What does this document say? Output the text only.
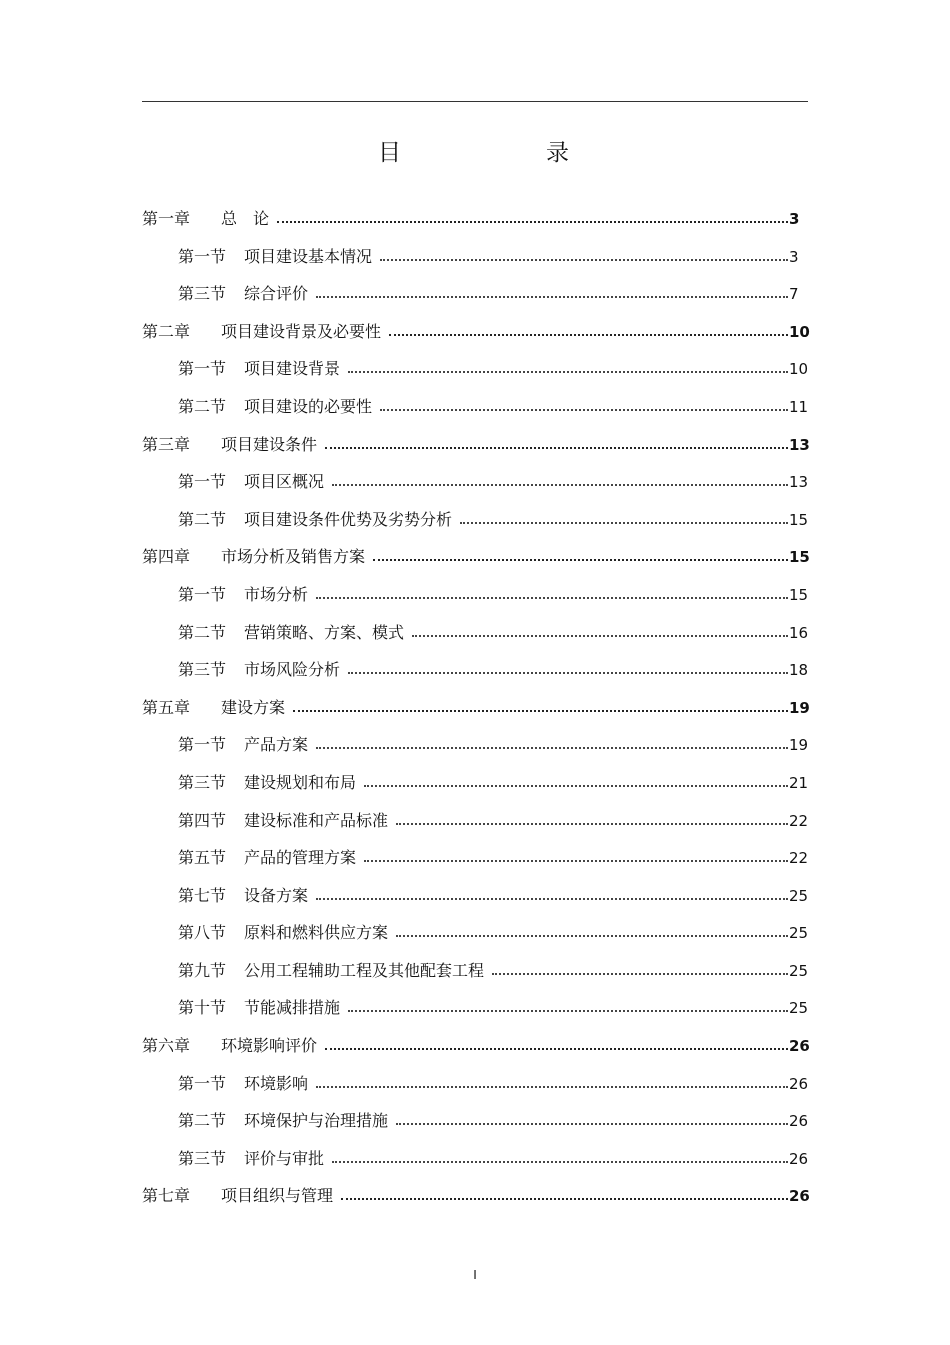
目	录
第一章 总　论	3
第一节 项目建设基本情况	3
第三节 综合评价	7
第二章 项目建设背景及必要性	10
第一节 项目建设背景	10
第二节 项目建设的必要性	11
第三章 项目建设条件	13
第一节 项目区概况	13
第二节 项目建设条件优势及劣势分析	15
第四章 市场分析及销售方案	15
第一节 市场分析	15
第二节 营销策略、方案、模式	16
第三节 市场风险分析	18
第五章 建设方案	19
第一节 产品方案	19
第三节 建设规划和布局	21
第四节 建设标准和产品标准	22
第五节 产品的管理方案	22
第七节 设备方案	25
第八节 原料和燃料供应方案	25
第九节 公用工程辅助工程及其他配套工程	25
第十节 节能减排措施	25
第六章 环境影响评价	26
第一节 环境影响	26
第二节 环境保护与治理措施	26
第三节 评价与审批	26
第七章 项目组织与管理	26
I
